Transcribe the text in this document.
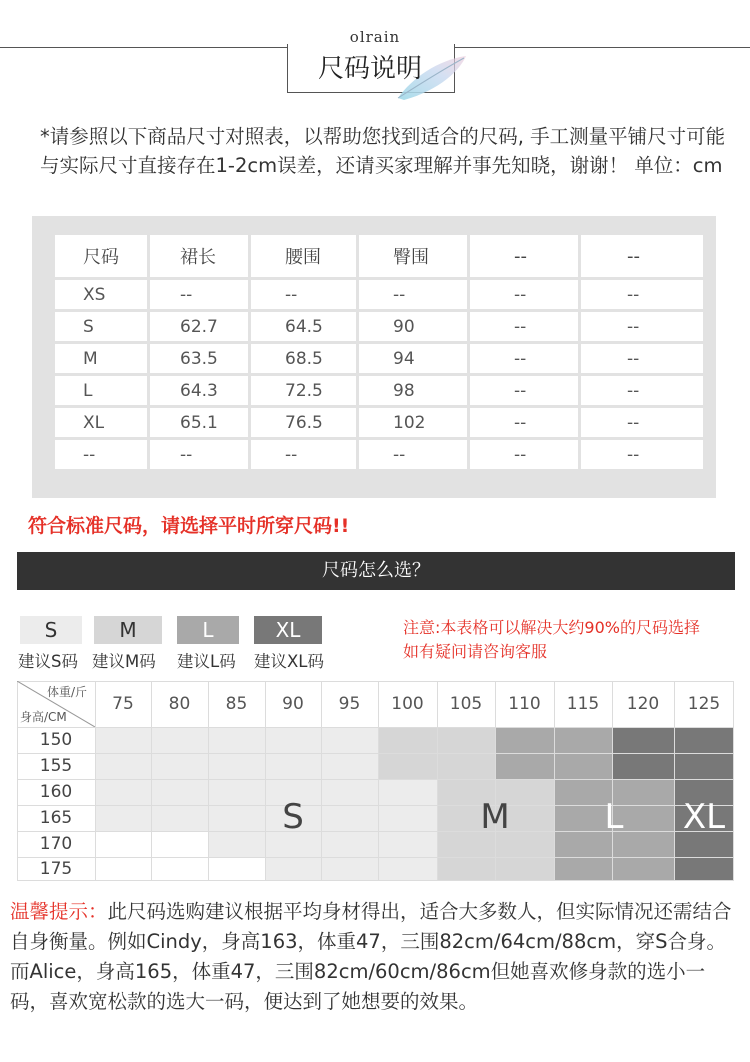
olrain
尺码说明
*请参照以下商品尺寸对照表，以帮助您找到适合的尺码, 手工测量平铺尺寸可能与实际尺寸直接存在1-2cm误差，还请买家理解并事先知晓，谢谢！ 单位：cm
尺码	裙长	腰围	臀围	--	--
XS	--	--	--	--	--
S	62.7	64.5	90	--	--
M	63.5	68.5	94	--	--
L	64.3	72.5	98	--	--
XL	65.1	76.5	102	--	--
--	--	--	--	--	--
符合标准尺码，请选择平时所穿尺码!!
尺码怎么选？
S
建议S码
M
建议M码
L
建议L码
XL
建议XL码
注意:本表格可以解决大约90%的尺码选择
如有疑问请咨询客服
体重/斤
身高/CM
75	80	85	90	95	100	105	110	115	120	125
150
155
160
165
170
175
S	M	L	XL
温馨提示：此尺码选购建议根据平均身材得出，适合大多数人，但实际情况还需结合自身衡量。例如Cindy，身高163，体重47，三围82cm/64cm/88cm，穿S合身。而Alice，身高165，体重47，三围82cm/60cm/86cm但她喜欢修身款的选小一码，喜欢宽松款的选大一码，便达到了她想要的效果。
